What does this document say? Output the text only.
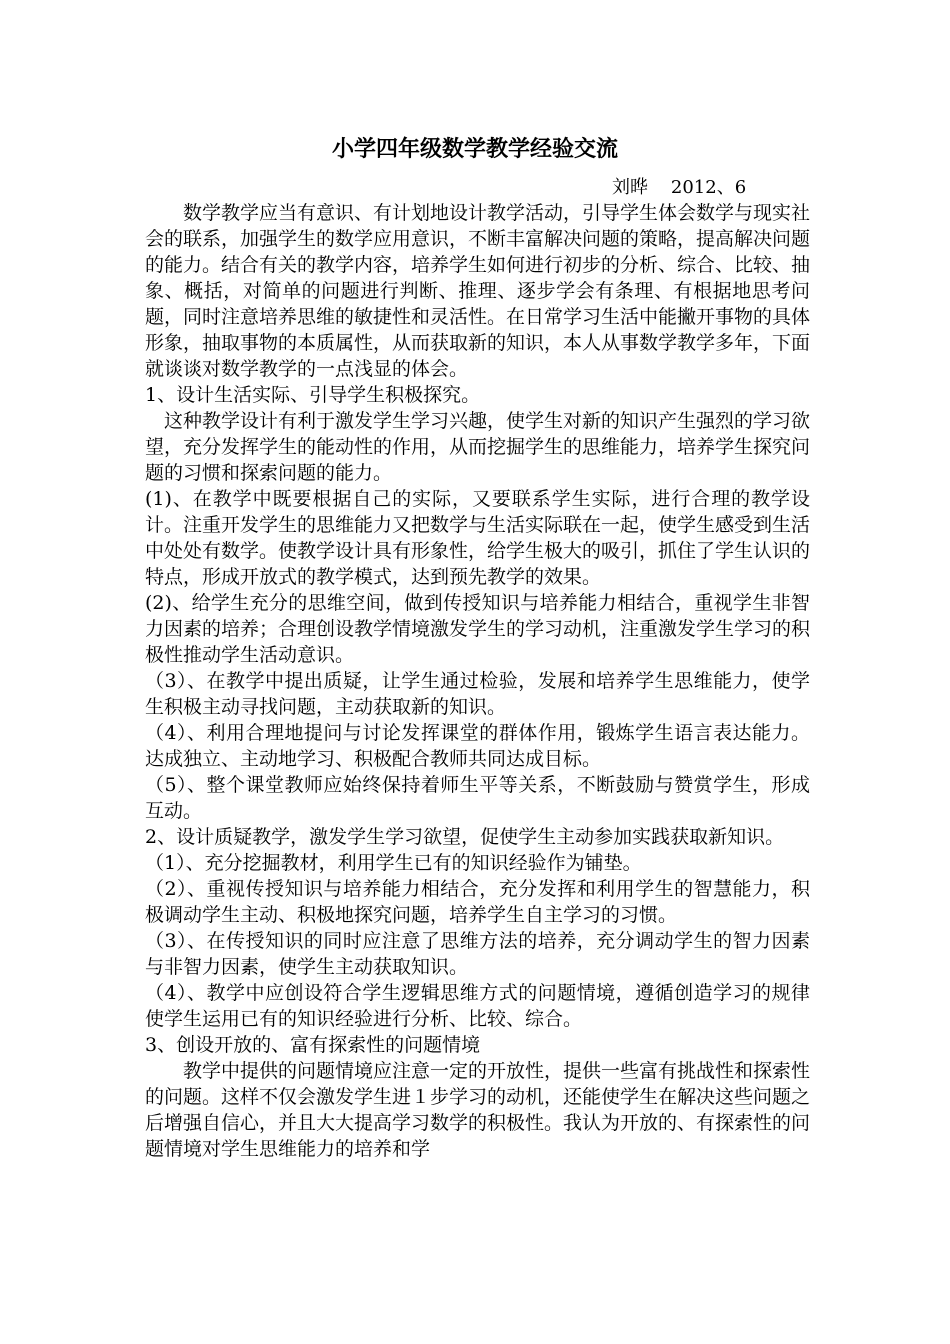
小学四年级数学教学经验交流
刘晔 2012、6

　　数学教学应当有意识、有计划地设计教学活动，引导学生体会数学与现实社会的联系，加强学生的数学应用意识，不断丰富解决问题的策略，提高解决问题的能力。结合有关的教学内容，培养学生如何进行初步的分析、综合、比较、抽象、概括，对简单的问题进行判断、推理、逐步学会有条理、有根据地思考问题，同时注意培养思维的敏捷性和灵活性。在日常学习生活中能撇开事物的具体形象，抽取事物的本质属性，从而获取新的知识，本人从事数学教学多年，下面就谈谈对数学教学的一点浅显的体会。

1、设计生活实际、引导学生积极探究。

　这种教学设计有利于激发学生学习兴趣，使学生对新的知识产生强烈的学习欲望，充分发挥学生的能动性的作用，从而挖掘学生的思维能力，培养学生探究问题的习惯和探索问题的能力。

(1)、在教学中既要根据自己的实际，又要联系学生实际，进行合理的教学设计。注重开发学生的思维能力又把数学与生活实际联在一起，使学生感受到生活中处处有数学。使教学设计具有形象性，给学生极大的吸引，抓住了学生认识的特点，形成开放式的教学模式，达到预先教学的效果。

(2)、给学生充分的思维空间，做到传授知识与培养能力相结合，重视学生非智力因素的培养；合理创设教学情境激发学生的学习动机，注重激发学生学习的积极性推动学生活动意识。

（3）、在教学中提出质疑，让学生通过检验，发展和培养学生思维能力，使学生积极主动寻找问题，主动获取新的知识。

（4）、利用合理地提问与讨论发挥课堂的群体作用，锻炼学生语言表达能力。达成独立、主动地学习、积极配合教师共同达成目标。

（5）、整个课堂教师应始终保持着师生平等关系，不断鼓励与赞赏学生，形成互动。

2、设计质疑教学，激发学生学习欲望，促使学生主动参加实践获取新知识。

（1）、充分挖掘教材，利用学生已有的知识经验作为铺垫。

（2）、重视传授知识与培养能力相结合，充分发挥和利用学生的智慧能力，积极调动学生主动、积极地探究问题，培养学生自主学习的习惯。

（3）、在传授知识的同时应注意了思维方法的培养，充分调动学生的智力因素与非智力因素，使学生主动获取知识。

（4）、教学中应创设符合学生逻辑思维方式的问题情境，遵循创造学习的规律使学生运用已有的知识经验进行分析、比较、综合。

3、创设开放的、富有探索性的问题情境

　　教学中提供的问题情境应注意一定的开放性，提供一些富有挑战性和探索性的问题。这样不仅会激发学生进１步学习的动机，还能使学生在解决这些问题之后增强自信心，并且大大提高学习数学的积极性。我认为开放的、有探索性的问题情境对学生思维能力的培养和学
